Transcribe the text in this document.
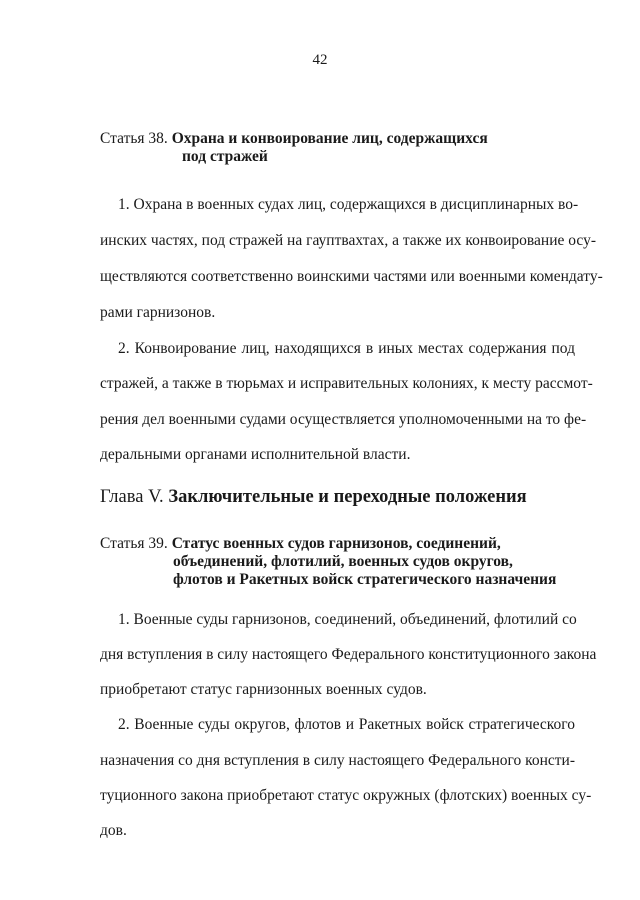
42
Статья 38. Охрана и конвоирование лиц, содержащихся
под стражей
1. Охрана в военных судах лиц, содержащихся в дисциплинарных во-
инских частях, под стражей на гауптвахтах, а также их конвоирование осу-
ществляются соответственно воинскими частями или военными комендату-
рами гарнизонов.
2. Конвоирование лиц, находящихся в иных местах содержания под
стражей, а также в тюрьмах и исправительных колониях, к месту рассмот-
рения дел военными судами осуществляется уполномоченными на то фе-
деральными органами исполнительной власти.
Глава V. Заключительные и переходные положения
Статья 39. Статус военных судов гарнизонов, соединений,
объединений, флотилий, военных судов округов,
флотов и Ракетных войск стратегического назначения
1. Военные суды гарнизонов, соединений, объединений, флотилий со
дня вступления в силу настоящего Федерального конституционного закона
приобретают статус гарнизонных военных судов.
2. Военные суды округов, флотов и Ракетных войск стратегического
назначения со дня вступления в силу настоящего Федерального консти-
туционного закона приобретают статус окружных (флотских) военных су-
дов.
